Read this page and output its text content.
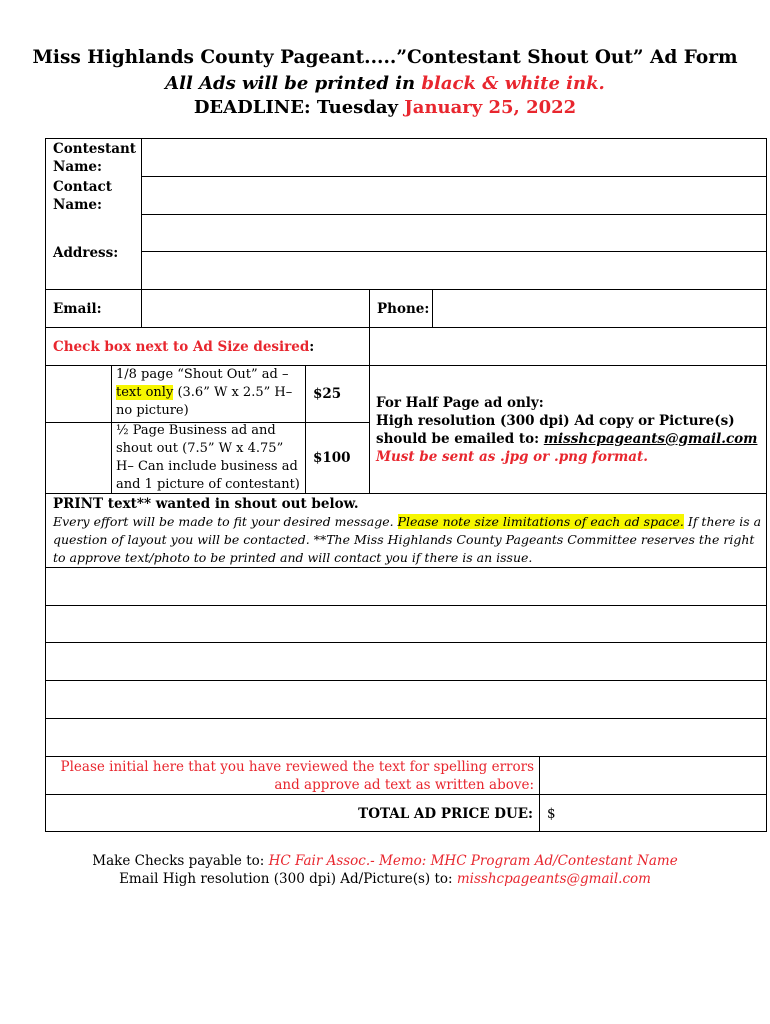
Miss Highlands County Pageant.....”Contestant Shout Out” Ad Form
All Ads will be printed in black & white ink.
DEADLINE: Tuesday January 25, 2022
Contestant Name:
Contact Name:
Address:
Email:	Phone:
Check box next to Ad Size desired:
1/8 page “Shout Out” ad – text only (3.6” W x 2.5” H– no picture)
½ Page Business ad and shout out (7.5” W x 4.75” H– Can include business ad and 1 picture of contestant)
$25
$100
For Half Page ad only:
High resolution (300 dpi) Ad copy or Picture(s) should be emailed to: misshcpageants@gmail.com
Must be sent as .jpg or .png format.
PRINT text** wanted in shout out below.
Every effort will be made to fit your desired message. Please note size limitations of each ad space. If there is a question of layout you will be contacted. **The Miss Highlands County Pageants Committee reserves the right to approve text/photo to be printed and will contact you if there is an issue.
Please initial here that you have reviewed the text for spelling errors and approve ad text as written above:
TOTAL AD PRICE DUE: $
Make Checks payable to: HC Fair Assoc.- Memo: MHC Program Ad/Contestant Name
Email High resolution (300 dpi) Ad/Picture(s) to: misshcpageants@gmail.com
